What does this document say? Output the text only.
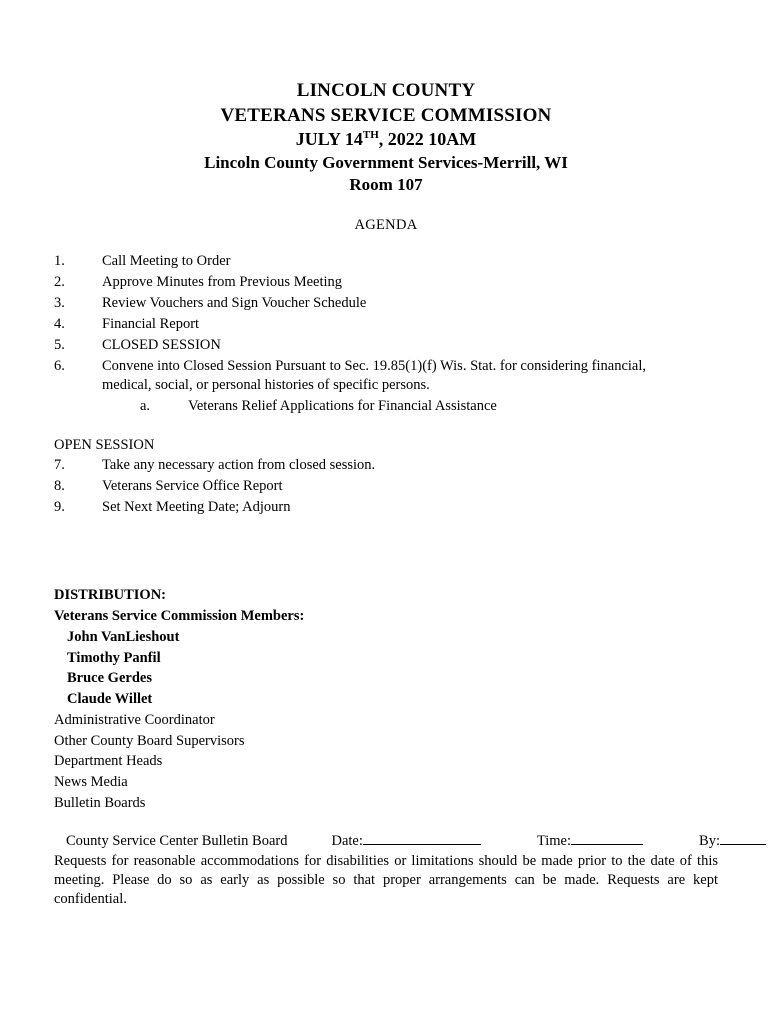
LINCOLN COUNTY
VETERANS SERVICE COMMISSION
JULY 14TH, 2022 10AM
Lincoln County Government Services-Merrill, WI
Room 107
AGENDA
1.	Call Meeting to Order
2.	Approve Minutes from Previous Meeting
3.	Review Vouchers and Sign Voucher Schedule
4.	Financial Report
5.	CLOSED SESSION
6.	Convene into Closed Session Pursuant to Sec. 19.85(1)(f) Wis. Stat. for considering financial,
medical, social, or personal histories of specific persons.
a.	Veterans Relief Applications for Financial Assistance
OPEN SESSION
7.	Take any necessary action from closed session.
8.	Veterans Service Office Report
9.	Set Next Meeting Date; Adjourn
DISTRIBUTION:
Veterans Service Commission Members:
John VanLieshout
Timothy Panfil
Bruce Gerdes
Claude Willet
Administrative Coordinator
Other County Board Supervisors
Department Heads
News Media
Bulletin Boards
County Service Center Bulletin Board	Date:	Time:	By:

Requests for reasonable accommodations for disabilities or limitations should be made prior to the date of this meeting. Please do so as early as possible so that proper arrangements can be made. Requests are kept confidential.
